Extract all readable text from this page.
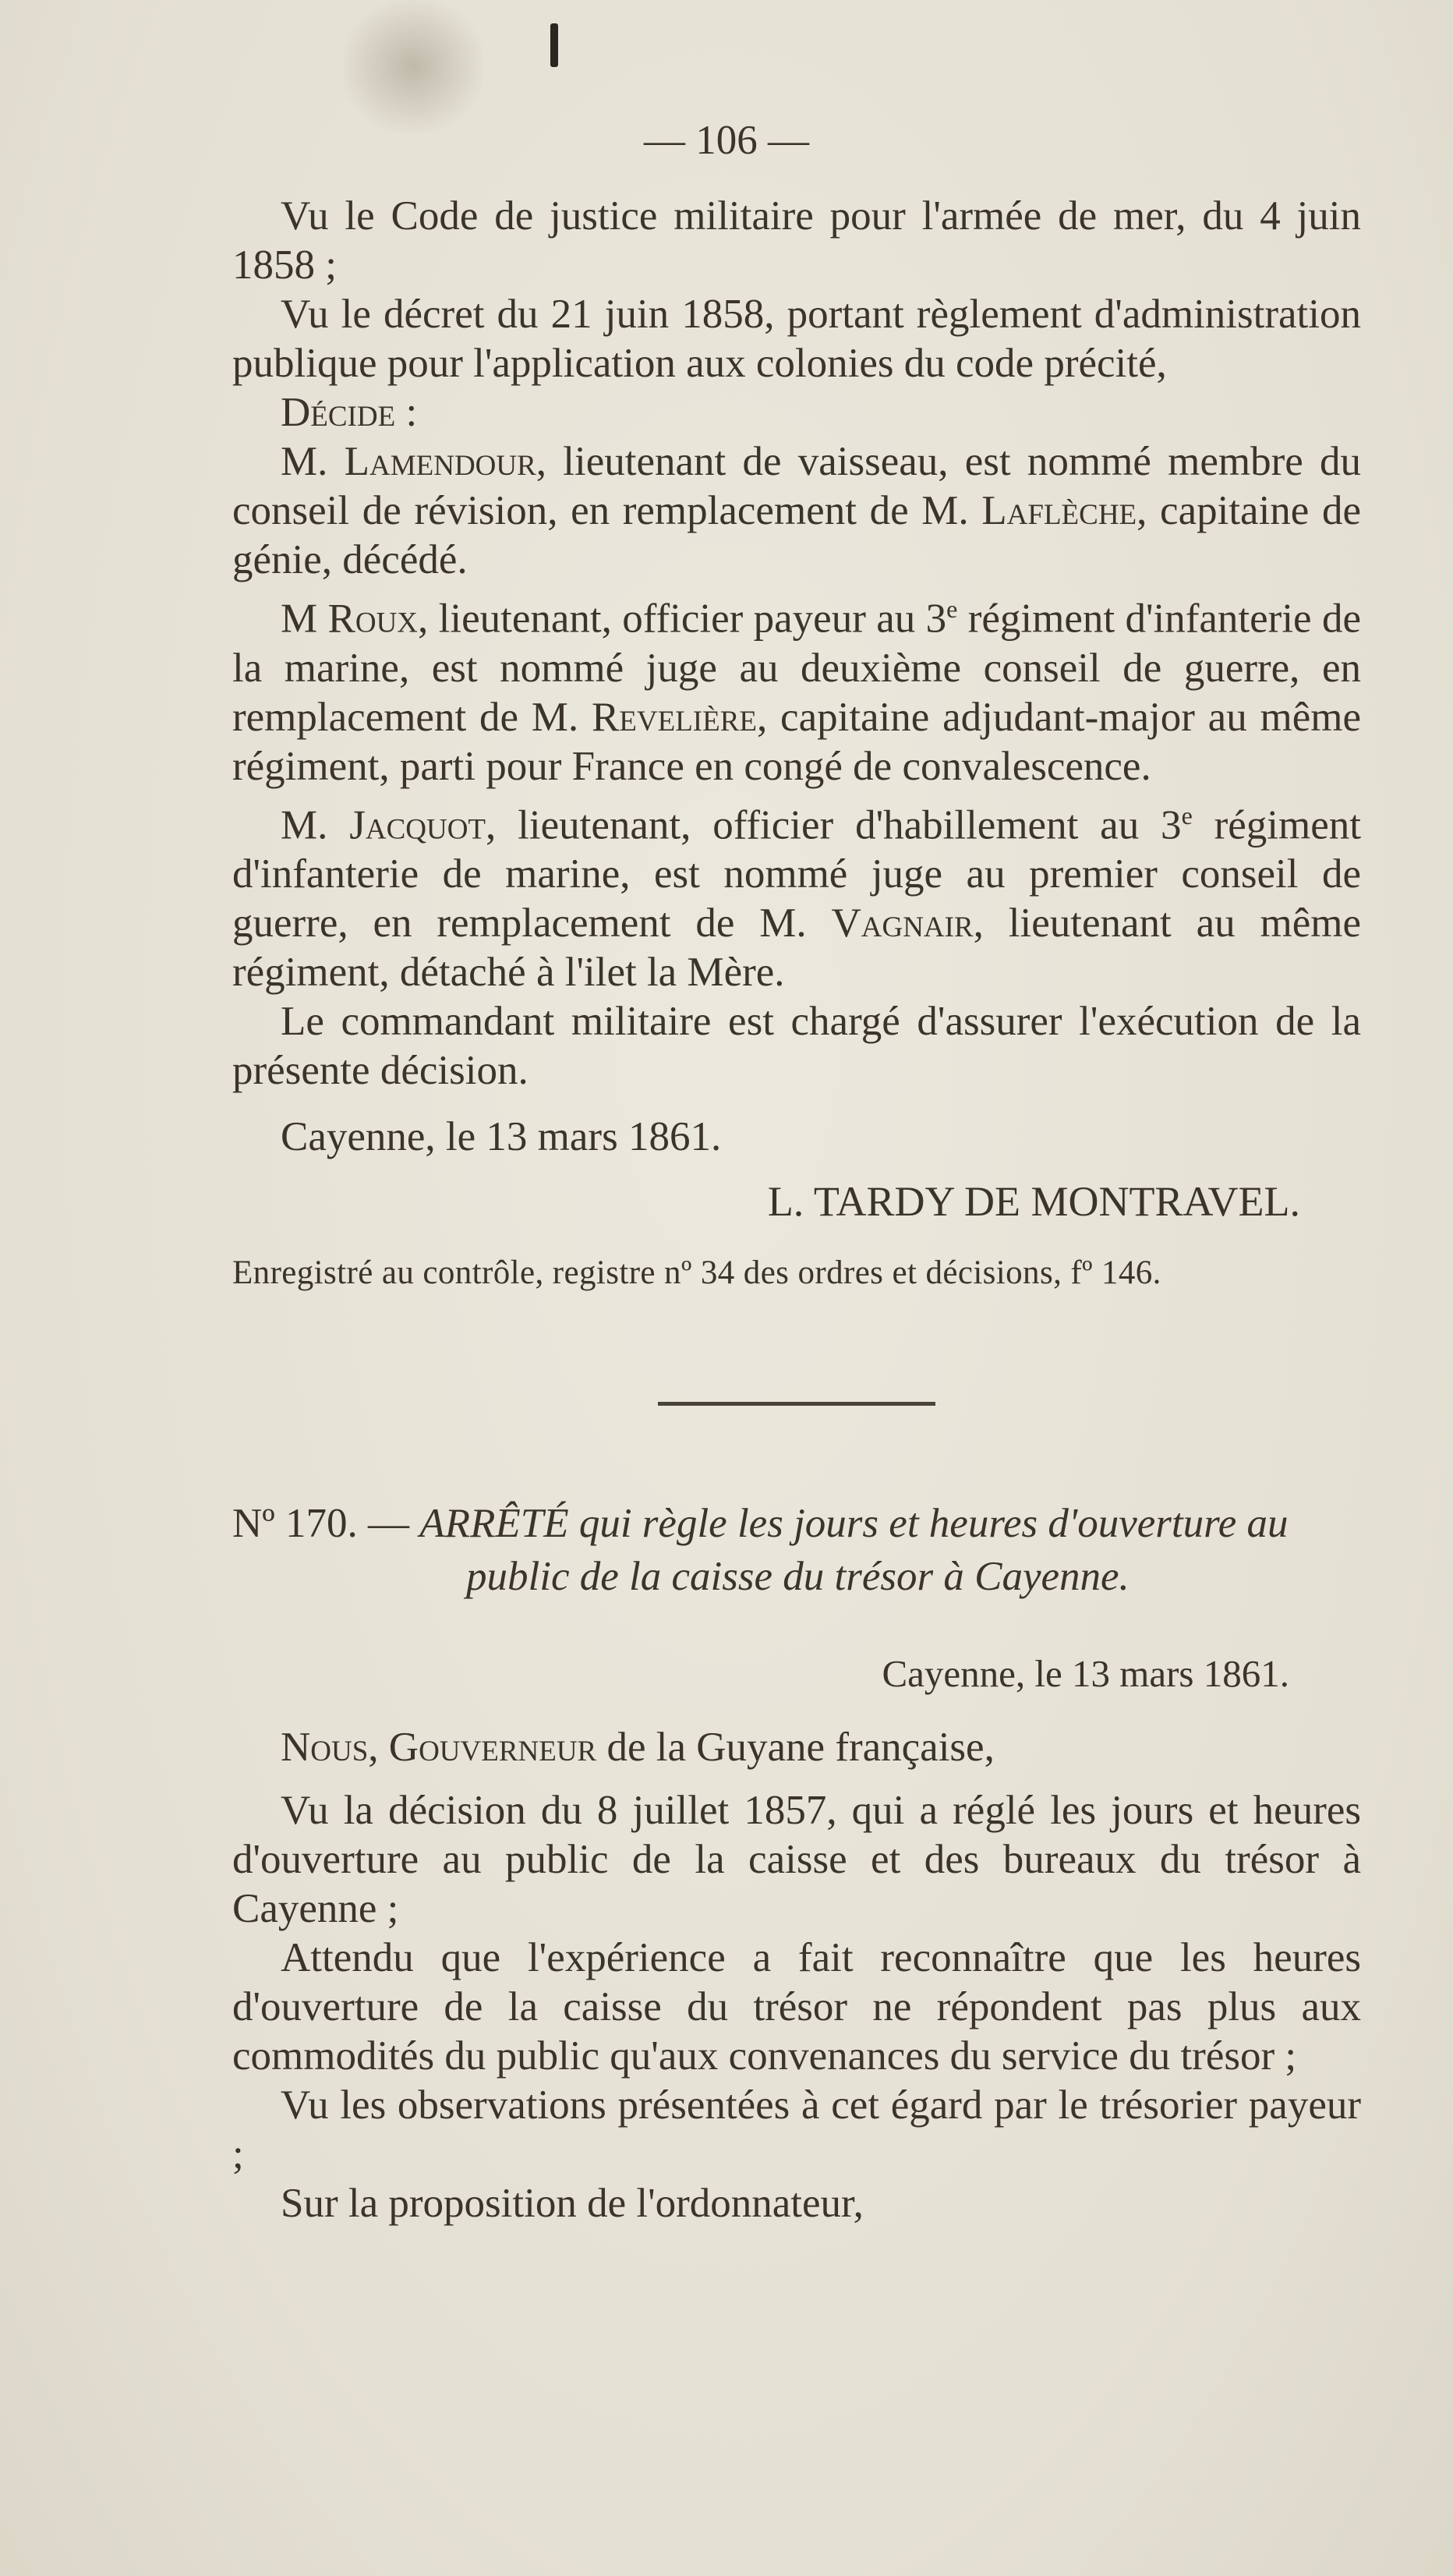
— 106 —

Vu le Code de justice militaire pour l'armée de mer, du 4 juin 1858 ;

Vu le décret du 21 juin 1858, portant règlement d'administration publique pour l'application aux colonies du code précité,

Décide :

M. Lamendour, lieutenant de vaisseau, est nommé membre du conseil de révision, en remplacement de M. Laflèche, capitaine de génie, décédé.

M Roux, lieutenant, officier payeur au 3e régiment d'infanterie de la marine, est nommé juge au deuxième conseil de guerre, en remplacement de M. Revelière, capitaine adjudant-major au même régiment, parti pour France en congé de convalescence.

M. Jacquot, lieutenant, officier d'habillement au 3e régiment d'infanterie de marine, est nommé juge au premier conseil de guerre, en remplacement de M. Vagnair, lieutenant au même régiment, détaché à l'ilet la Mère.

Le commandant militaire est chargé d'assurer l'exécution de la présente décision.

Cayenne, le 13 mars 1861.

L. TARDY DE MONTRAVEL.

Enregistré au contrôle, registre nº 34 des ordres et décisions, fº 146.

Nº 170. — ARRÊTÉ qui règle les jours et heures d'ouverture au
public de la caisse du trésor à Cayenne.
Cayenne, le 13 mars 1861.

Nous, Gouverneur de la Guyane française,

Vu la décision du 8 juillet 1857, qui a réglé les jours et heures d'ouverture au public de la caisse et des bureaux du trésor à Cayenne ;

Attendu que l'expérience a fait reconnaître que les heures d'ouverture de la caisse du trésor ne répondent pas plus aux commodités du public qu'aux convenances du service du trésor ;

Vu les observations présentées à cet égard par le trésorier payeur ;

Sur la proposition de l'ordonnateur,
